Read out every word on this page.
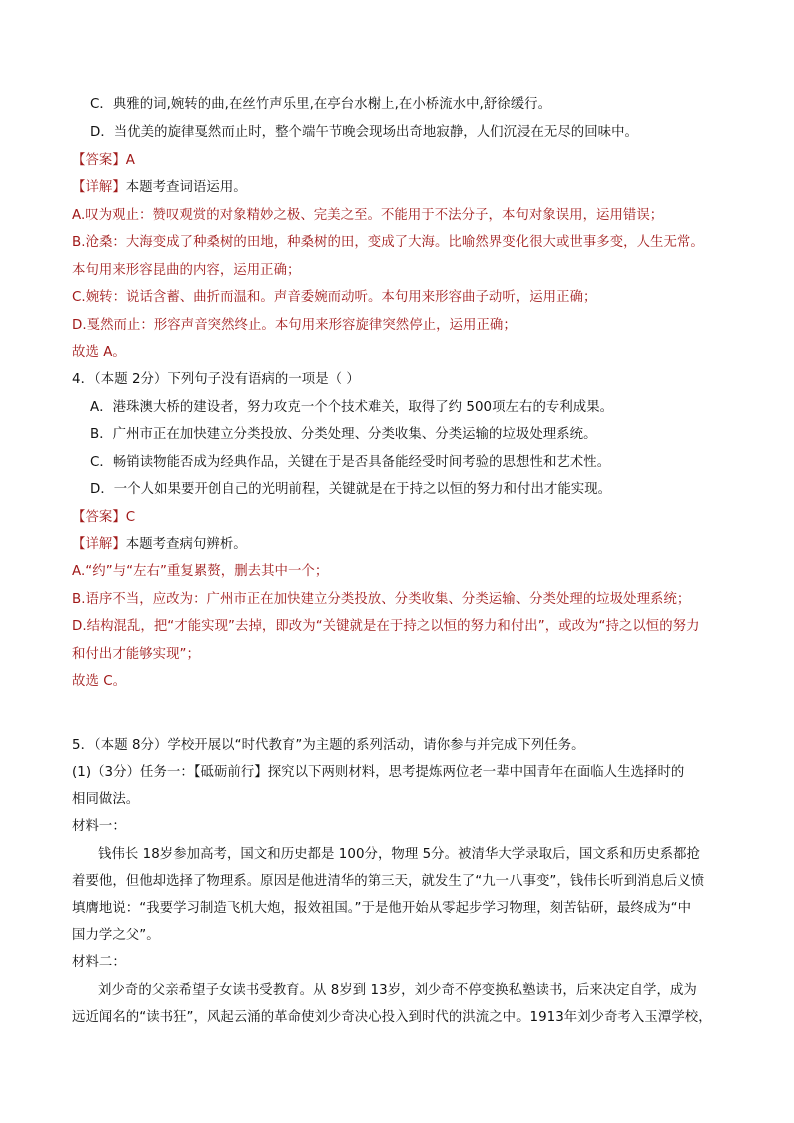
C．典雅的词,婉转的曲,在丝竹声乐里,在亭台水榭上,在小桥流水中,舒徐缓行。
D．当优美的旋律戛然而止时，整个端午节晚会现场出奇地寂静，人们沉浸在无尽的回味中。
【答案】A
【详解】本题考查词语运用。
A.叹为观止：赞叹观赏的对象精妙之极、完美之至。不能用于不法分子，本句对象误用，运用错误；
B.沧桑：大海变成了种桑树的田地，种桑树的田，变成了大海。比喻然界变化很大或世事多变，人生无常。
本句用来形容昆曲的内容，运用正确；
C.婉转：说话含蓄、曲折而温和。声音委婉而动听。本句用来形容曲子动听，运用正确；
D.戛然而止：形容声音突然终止。本句用来形容旋律突然停止，运用正确；
故选 A。
4．（本题 2分）下列句子没有语病的一项是（ ）
A．港珠澳大桥的建设者，努力攻克一个个技术难关，取得了约 500项左右的专利成果。
B．广州市正在加快建立分类投放、分类处理、分类收集、分类运输的垃圾处理系统。
C．畅销读物能否成为经典作品，关键在于是否具备能经受时间考验的思想性和艺术性。
D．一个人如果要开创自己的光明前程，关键就是在于持之以恒的努力和付出才能实现。
【答案】C
【详解】本题考查病句辨析。
A.“约”与“左右”重复累赘，删去其中一个；
B.语序不当，应改为：广州市正在加快建立分类投放、分类收集、分类运输、分类处理的垃圾处理系统；
D.结构混乱，把“才能实现”去掉，即改为“关键就是在于持之以恒的努力和付出”，或改为“持之以恒的努力
和付出才能够实现”；
故选 C。
5．（本题 8分）学校开展以“时代教育”为主题的系列活动，请你参与并完成下列任务。
(1)（3分）任务一：【砥砺前行】探究以下两则材料，思考提炼两位老一辈中国青年在面临人生选择时的
相同做法。
材料一：
钱伟长 18岁参加高考，国文和历史都是 100分，物理 5分。被清华大学录取后，国文系和历史系都抢
着要他，但他却选择了物理系。原因是他进清华的第三天，就发生了“九一八事变”，钱伟长听到消息后义愤
填膺地说：“我要学习制造飞机大炮，报效祖国。”于是他开始从零起步学习物理，刻苦钻研，最终成为“中
国力学之父”。
材料二：
刘少奇的父亲希望子女读书受教育。从 8岁到 13岁，刘少奇不停变换私塾读书，后来决定自学，成为
远近闻名的“读书狂”，风起云涌的革命使刘少奇决心投入到时代的洪流之中。1913年刘少奇考入玉潭学校，
